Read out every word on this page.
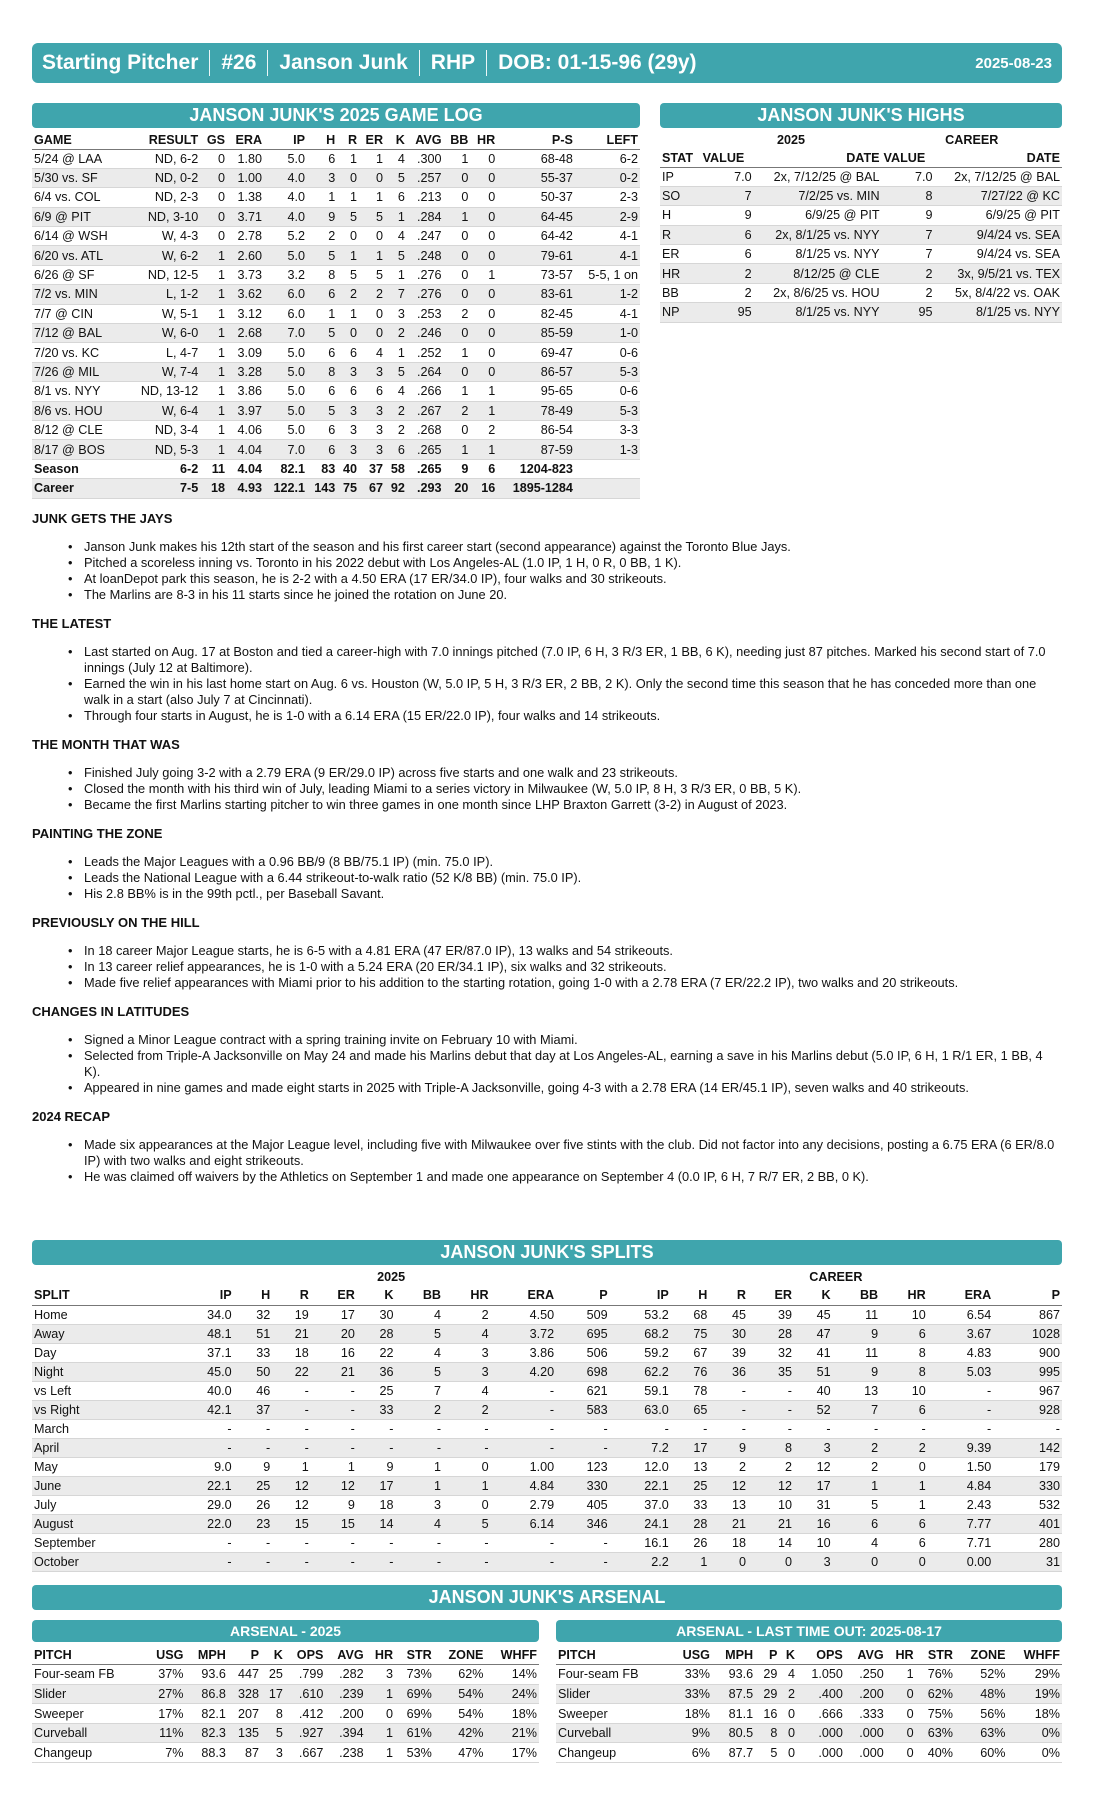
Starting Pitcher #26 Janson Junk RHP DOB: 01-15-96 (29y)	2025-08-23
JANSON JUNK'S 2025 GAME LOG
GAME	RESULT	GS	ERA	IP	H	R	ER	K	AVG	BB	HR	P-S	LEFT
5/24 @ LAA	ND, 6-2	0	1.80	5.0	6	1	1	4	.300	1	0	68-48	6-2
5/30 vs. SF	ND, 0-2	0	1.00	4.0	3	0	0	5	.257	0	0	55-37	0-2
6/4 vs. COL	ND, 2-3	0	1.38	4.0	1	1	1	6	.213	0	0	50-37	2-3
6/9 @ PIT	ND, 3-10	0	3.71	4.0	9	5	5	1	.284	1	0	64-45	2-9
6/14 @ WSH	W, 4-3	0	2.78	5.2	2	0	0	4	.247	0	0	64-42	4-1
6/20 vs. ATL	W, 6-2	1	2.60	5.0	5	1	1	5	.248	0	0	79-61	4-1
6/26 @ SF	ND, 12-5	1	3.73	3.2	8	5	5	1	.276	0	1	73-57	5-5, 1 on
7/2 vs. MIN	L, 1-2	1	3.62	6.0	6	2	2	7	.276	0	0	83-61	1-2
7/7 @ CIN	W, 5-1	1	3.12	6.0	1	1	0	3	.253	2	0	82-45	4-1
7/12 @ BAL	W, 6-0	1	2.68	7.0	5	0	0	2	.246	0	0	85-59	1-0
7/20 vs. KC	L, 4-7	1	3.09	5.0	6	6	4	1	.252	1	0	69-47	0-6
7/26 @ MIL	W, 7-4	1	3.28	5.0	8	3	3	5	.264	0	0	86-57	5-3
8/1 vs. NYY	ND, 13-12	1	3.86	5.0	6	6	6	4	.266	1	1	95-65	0-6
8/6 vs. HOU	W, 6-4	1	3.97	5.0	5	3	3	2	.267	2	1	78-49	5-3
8/12 @ CLE	ND, 3-4	1	4.06	5.0	6	3	3	2	.268	0	2	86-54	3-3
8/17 @ BOS	ND, 5-3	1	4.04	7.0	6	3	3	6	.265	1	1	87-59	1-3
Season	6-2	11	4.04	82.1	83	40	37	58	.265	9	6	1204-823	
Career	7-5	18	4.93	122.1	143	75	67	92	.293	20	16	1895-1284	
JANSON JUNK'S HIGHS
	2025		CAREER	
STAT	VALUE	DATE	VALUE	DATE
IP	7.0	2x, 7/12/25 @ BAL	7.0	2x, 7/12/25 @ BAL
SO	7	7/2/25 vs. MIN	8	7/27/22 @ KC
H	9	6/9/25 @ PIT	9	6/9/25 @ PIT
R	6	2x, 8/1/25 vs. NYY	7	9/4/24 vs. SEA
ER	6	8/1/25 vs. NYY	7	9/4/24 vs. SEA
HR	2	8/12/25 @ CLE	2	3x, 9/5/21 vs. TEX
BB	2	2x, 8/6/25 vs. HOU	2	5x, 8/4/22 vs. OAK
NP	95	8/1/25 vs. NYY	95	8/1/25 vs. NYY
JUNK GETS THE JAYS
• Janson Junk makes his 12th start of the season and his first career start (second appearance) against the Toronto Blue Jays.
• Pitched a scoreless inning vs. Toronto in his 2022 debut with Los Angeles-AL (1.0 IP, 1 H, 0 R, 0 BB, 1 K).
• At loanDepot park this season, he is 2-2 with a 4.50 ERA (17 ER/34.0 IP), four walks and 30 strikeouts.
• The Marlins are 8-3 in his 11 starts since he joined the rotation on June 20.
THE LATEST
• Last started on Aug. 17 at Boston and tied a career-high with 7.0 innings pitched (7.0 IP, 6 H, 3 R/3 ER, 1 BB, 6 K), needing just 87 pitches. Marked his second start of 7.0 innings (July 12 at Baltimore).
• Earned the win in his last home start on Aug. 6 vs. Houston (W, 5.0 IP, 5 H, 3 R/3 ER, 2 BB, 2 K). Only the second time this season that he has conceded more than one walk in a start (also July 7 at Cincinnati).
• Through four starts in August, he is 1-0 with a 6.14 ERA (15 ER/22.0 IP), four walks and 14 strikeouts.
THE MONTH THAT WAS
• Finished July going 3-2 with a 2.79 ERA (9 ER/29.0 IP) across five starts and one walk and 23 strikeouts.
• Closed the month with his third win of July, leading Miami to a series victory in Milwaukee (W, 5.0 IP, 8 H, 3 R/3 ER, 0 BB, 5 K).
• Became the first Marlins starting pitcher to win three games in one month since LHP Braxton Garrett (3-2) in August of 2023.
PAINTING THE ZONE
• Leads the Major Leagues with a 0.96 BB/9 (8 BB/75.1 IP) (min. 75.0 IP).
• Leads the National League with a 6.44 strikeout-to-walk ratio (52 K/8 BB) (min. 75.0 IP).
• His 2.8 BB% is in the 99th pctl., per Baseball Savant.
PREVIOUSLY ON THE HILL
• In 18 career Major League starts, he is 6-5 with a 4.81 ERA (47 ER/87.0 IP), 13 walks and 54 strikeouts.
• In 13 career relief appearances, he is 1-0 with a 5.24 ERA (20 ER/34.1 IP), six walks and 32 strikeouts.
• Made five relief appearances with Miami prior to his addition to the starting rotation, going 1-0 with a 2.78 ERA (7 ER/22.2 IP), two walks and 20 strikeouts.
CHANGES IN LATITUDES
• Signed a Minor League contract with a spring training invite on February 10 with Miami.
• Selected from Triple-A Jacksonville on May 24 and made his Marlins debut that day at Los Angeles-AL, earning a save in his Marlins debut (5.0 IP, 6 H, 1 R/1 ER, 1 BB, 4 K).
• Appeared in nine games and made eight starts in 2025 with Triple-A Jacksonville, going 4-3 with a 2.78 ERA (14 ER/45.1 IP), seven walks and 40 strikeouts.
2024 RECAP
• Made six appearances at the Major League level, including five with Milwaukee over five stints with the club. Did not factor into any decisions, posting a 6.75 ERA (6 ER/8.0 IP) with two walks and eight strikeouts.
• He was claimed off waivers by the Athletics on September 1 and made one appearance on September 4 (0.0 IP, 6 H, 7 R/7 ER, 2 BB, 0 K).
JANSON JUNK'S SPLITS
	2025									CAREER								
SPLIT	IP	H	R	ER	K	BB	HR	ERA	P	IP	H	R	ER	K	BB	HR	ERA	P
Home	34.0	32	19	17	30	4	2	4.50	509	53.2	68	45	39	45	11	10	6.54	867
Away	48.1	51	21	20	28	5	4	3.72	695	68.2	75	30	28	47	9	6	3.67	1028
Day	37.1	33	18	16	22	4	3	3.86	506	59.2	67	39	32	41	11	8	4.83	900
Night	45.0	50	22	21	36	5	3	4.20	698	62.2	76	36	35	51	9	8	5.03	995
vs Left	40.0	46	-	-	25	7	4	-	621	59.1	78	-	-	40	13	10	-	967
vs Right	42.1	37	-	-	33	2	2	-	583	63.0	65	-	-	52	7	6	-	928
March	-	-	-	-	-	-	-	-	-	-	-	-	-	-	-	-	-	-
April	-	-	-	-	-	-	-	-	-	7.2	17	9	8	3	2	2	9.39	142
May	9.0	9	1	1	9	1	0	1.00	123	12.0	13	2	2	12	2	0	1.50	179
June	22.1	25	12	12	17	1	1	4.84	330	22.1	25	12	12	17	1	1	4.84	330
July	29.0	26	12	9	18	3	0	2.79	405	37.0	33	13	10	31	5	1	2.43	532
August	22.0	23	15	15	14	4	5	6.14	346	24.1	28	21	21	16	6	6	7.77	401
September	-	-	-	-	-	-	-	-	-	16.1	26	18	14	10	4	6	7.71	280
October	-	-	-	-	-	-	-	-	-	2.2	1	0	0	3	0	0	0.00	31
JANSON JUNK'S ARSENAL
ARSENAL - 2025
PITCH	USG	MPH	P	K	OPS	AVG	HR	STR	ZONE	WHFF
Four-seam FB	37%	93.6	447	25	.799	.282	3	73%	62%	14%
Slider	27%	86.8	328	17	.610	.239	1	69%	54%	24%
Sweeper	17%	82.1	207	8	.412	.200	0	69%	54%	18%
Curveball	11%	82.3	135	5	.927	.394	1	61%	42%	21%
Changeup	7%	88.3	87	3	.667	.238	1	53%	47%	17%
ARSENAL - LAST TIME OUT: 2025-08-17
PITCH	USG	MPH	P	K	OPS	AVG	HR	STR	ZONE	WHFF
Four-seam FB	33%	93.6	29	4	1.050	.250	1	76%	52%	29%
Slider	33%	87.5	29	2	.400	.200	0	62%	48%	19%
Sweeper	18%	81.1	16	0	.666	.333	0	75%	56%	18%
Curveball	9%	80.5	8	0	.000	.000	0	63%	63%	0%
Changeup	6%	87.7	5	0	.000	.000	0	40%	60%	0%
